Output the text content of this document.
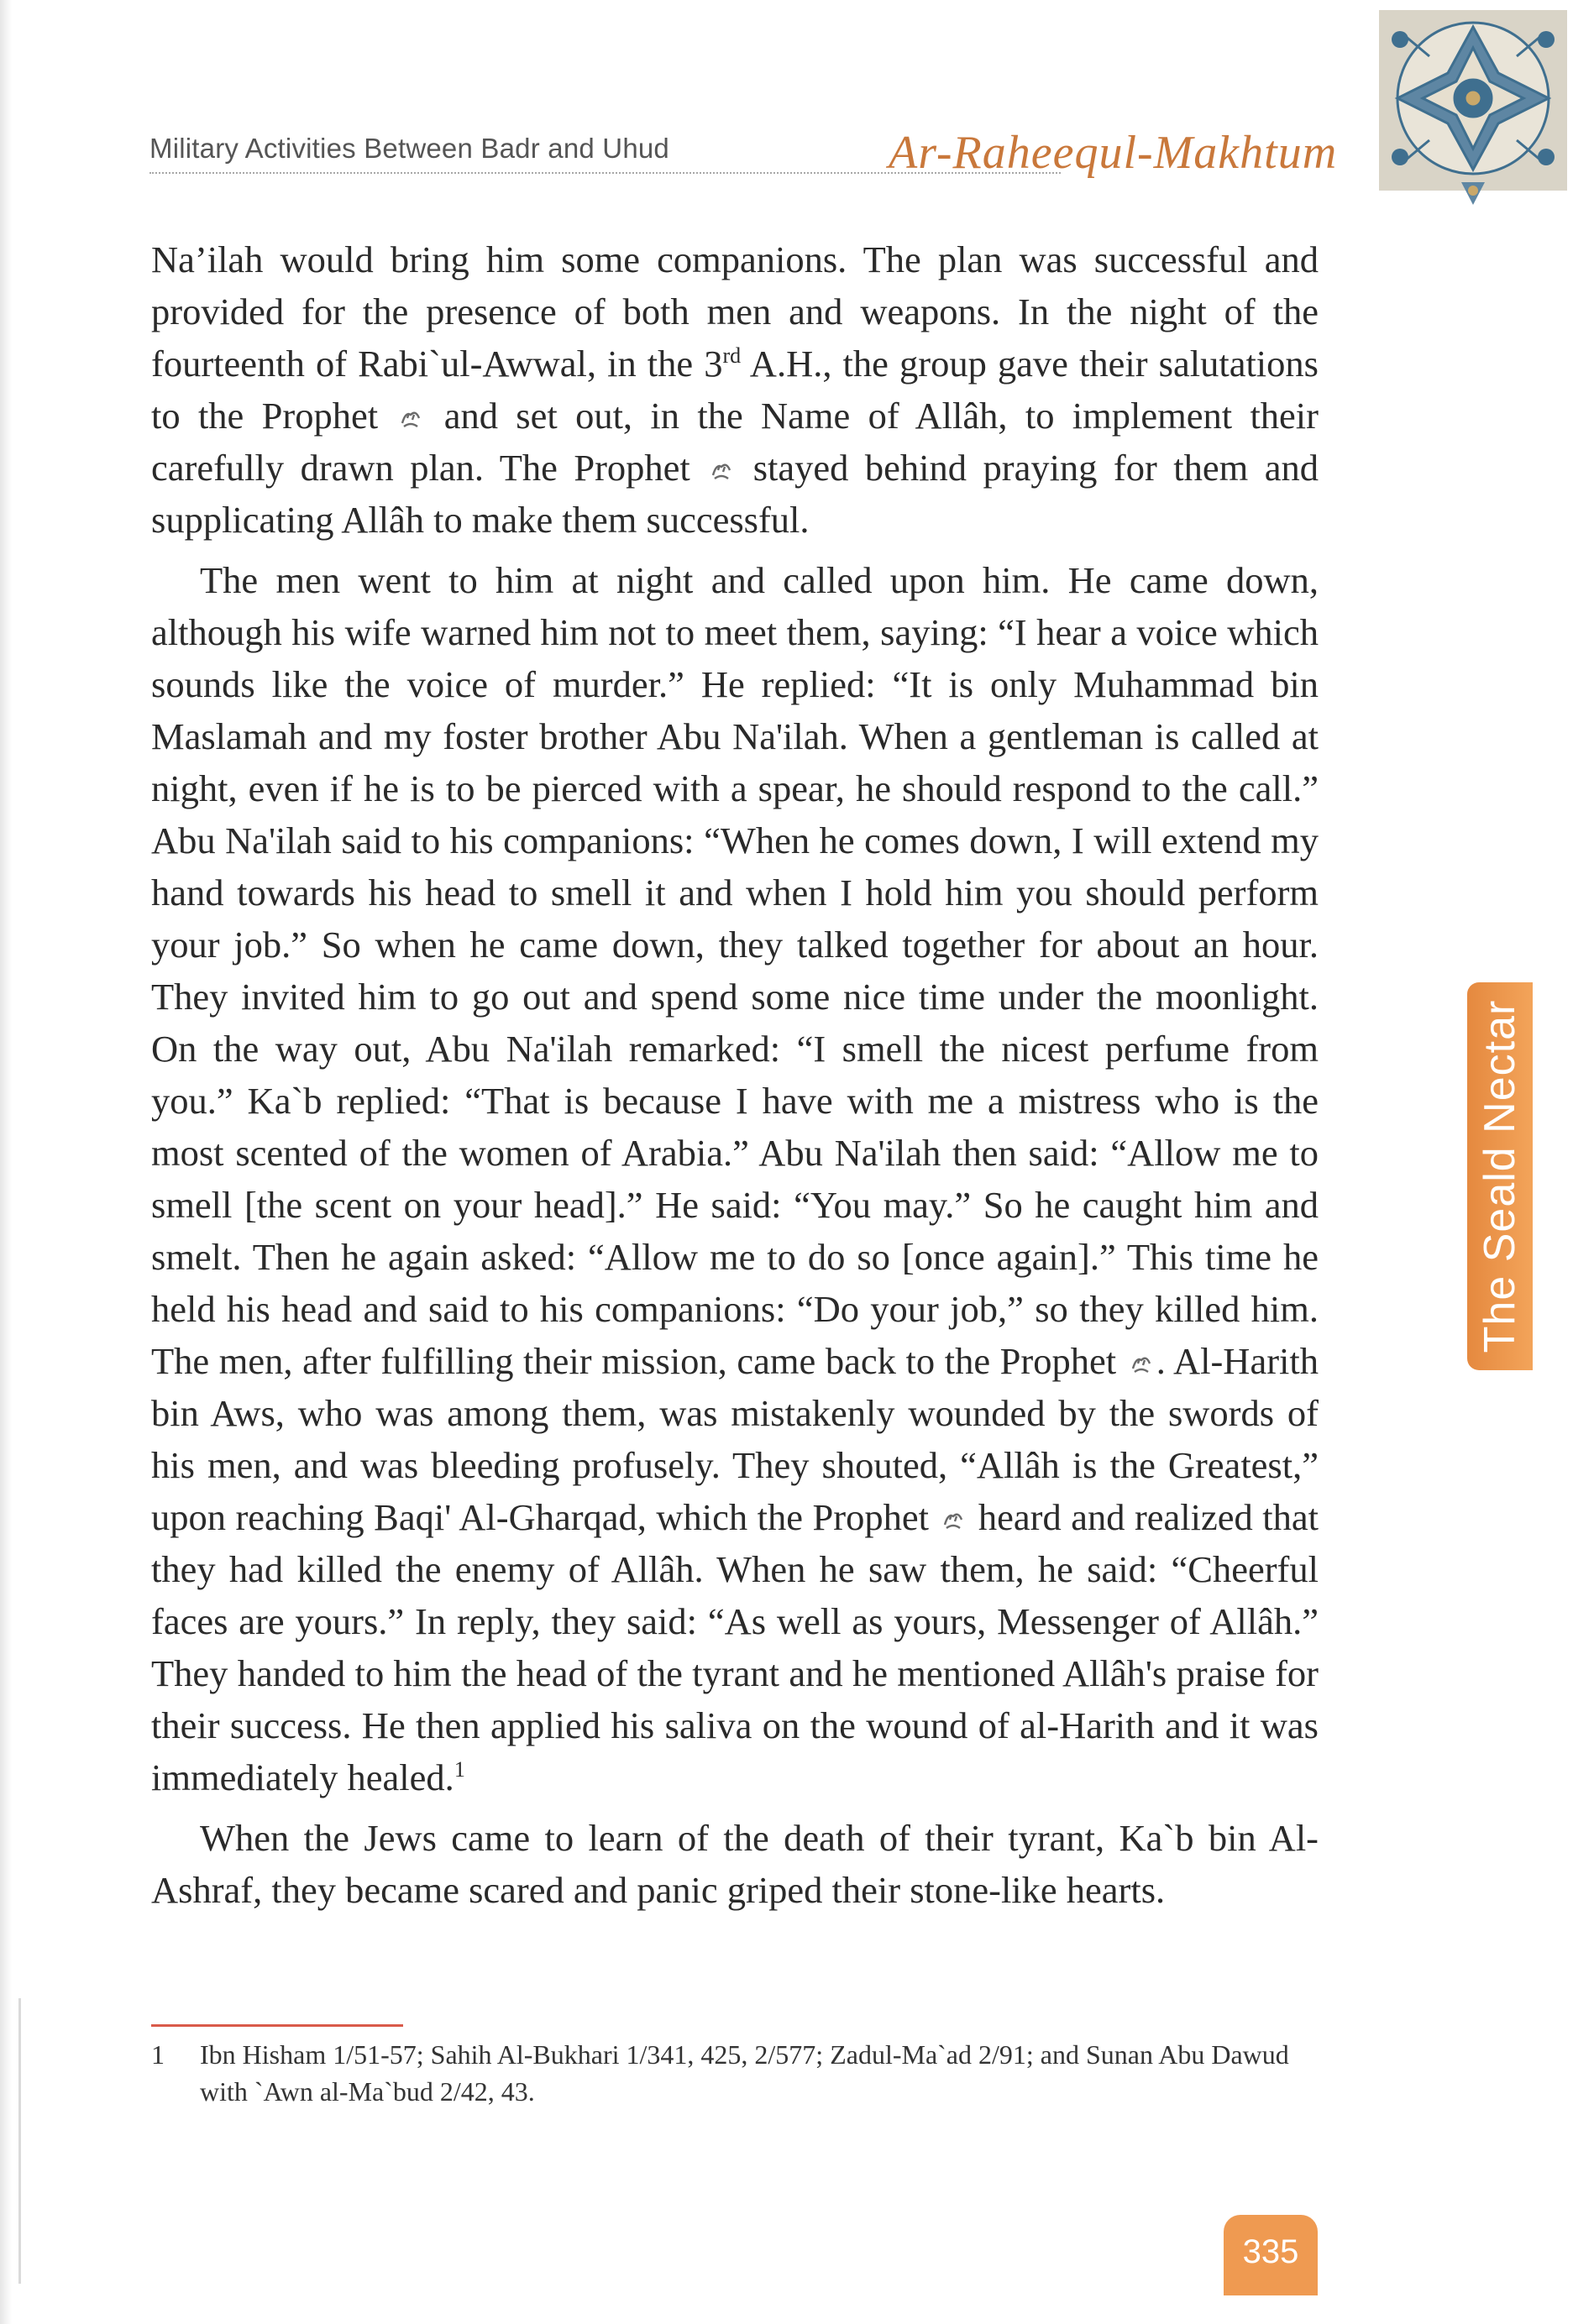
Military Activities Between Badr and Uhud	Ar-Raheequl-Makhtum

Na’ilah would bring him some companions. The plan was successful and provided for the presence of both men and weapons. In the night of the fourteenth of Rabi`ul-Awwal, in the 3rd A.H., the group gave their salutations to the Prophet  and set out, in the Name of Allâh, to implement their carefully drawn plan. The Prophet  stayed behind praying for them and supplicating Allâh to make them successful.

The men went to him at night and called upon him. He came down, although his wife warned him not to meet them, saying: “I hear a voice which sounds like the voice of murder.” He replied: “It is only Muhammad bin Maslamah and my foster brother Abu Na'ilah. When a gentleman is called at night, even if he is to be pierced with a spear, he should respond to the call.” Abu Na'ilah said to his companions: “When he comes down, I will extend my hand towards his head to smell it and when I hold him you should perform your job.” So when he came down, they talked together for about an hour. They invited him to go out and spend some nice time under the moonlight. On the way out, Abu Na'ilah remarked: “I smell the nicest perfume from you.” Ka`b replied: “That is because I have with me a mistress who is the most scented of the women of Arabia.” Abu Na'ilah then said: “Allow me to smell [the scent on your head].” He said: “You may.” So he caught him and smelt. Then he again asked: “Allow me to do so [once again].” This time he held his head and said to his companions: “Do your job,” so they killed him. The men, after fulfilling their mission, came back to the Prophet . Al-Harith bin Aws, who was among them, was mistakenly wounded by the swords of his men, and was bleeding profusely. They shouted, “Allâh is the Greatest,” upon reaching Baqi' Al-Gharqad, which the Prophet  heard and realized that they had killed the enemy of Allâh. When he saw them, he said: “Cheerful faces are yours.” In reply, they said: “As well as yours, Messenger of Allâh.” They handed to him the head of the tyrant and he mentioned Allâh's praise for their success. He then applied his saliva on the wound of al-Harith and it was immediately healed.$^1$

When the Jews came to learn of the death of their tyrant, Ka`b bin Al-Ashraf, they became scared and panic griped their stone-like hearts.

1 Ibn Hisham 1/51-57; Sahih Al-Bukhari 1/341, 425, 2/577; Zadul-Ma`ad 2/91; and Sunan Abu Dawud with `Awn al-Ma`bud 2/42, 43.
The Seald Nectar
335
